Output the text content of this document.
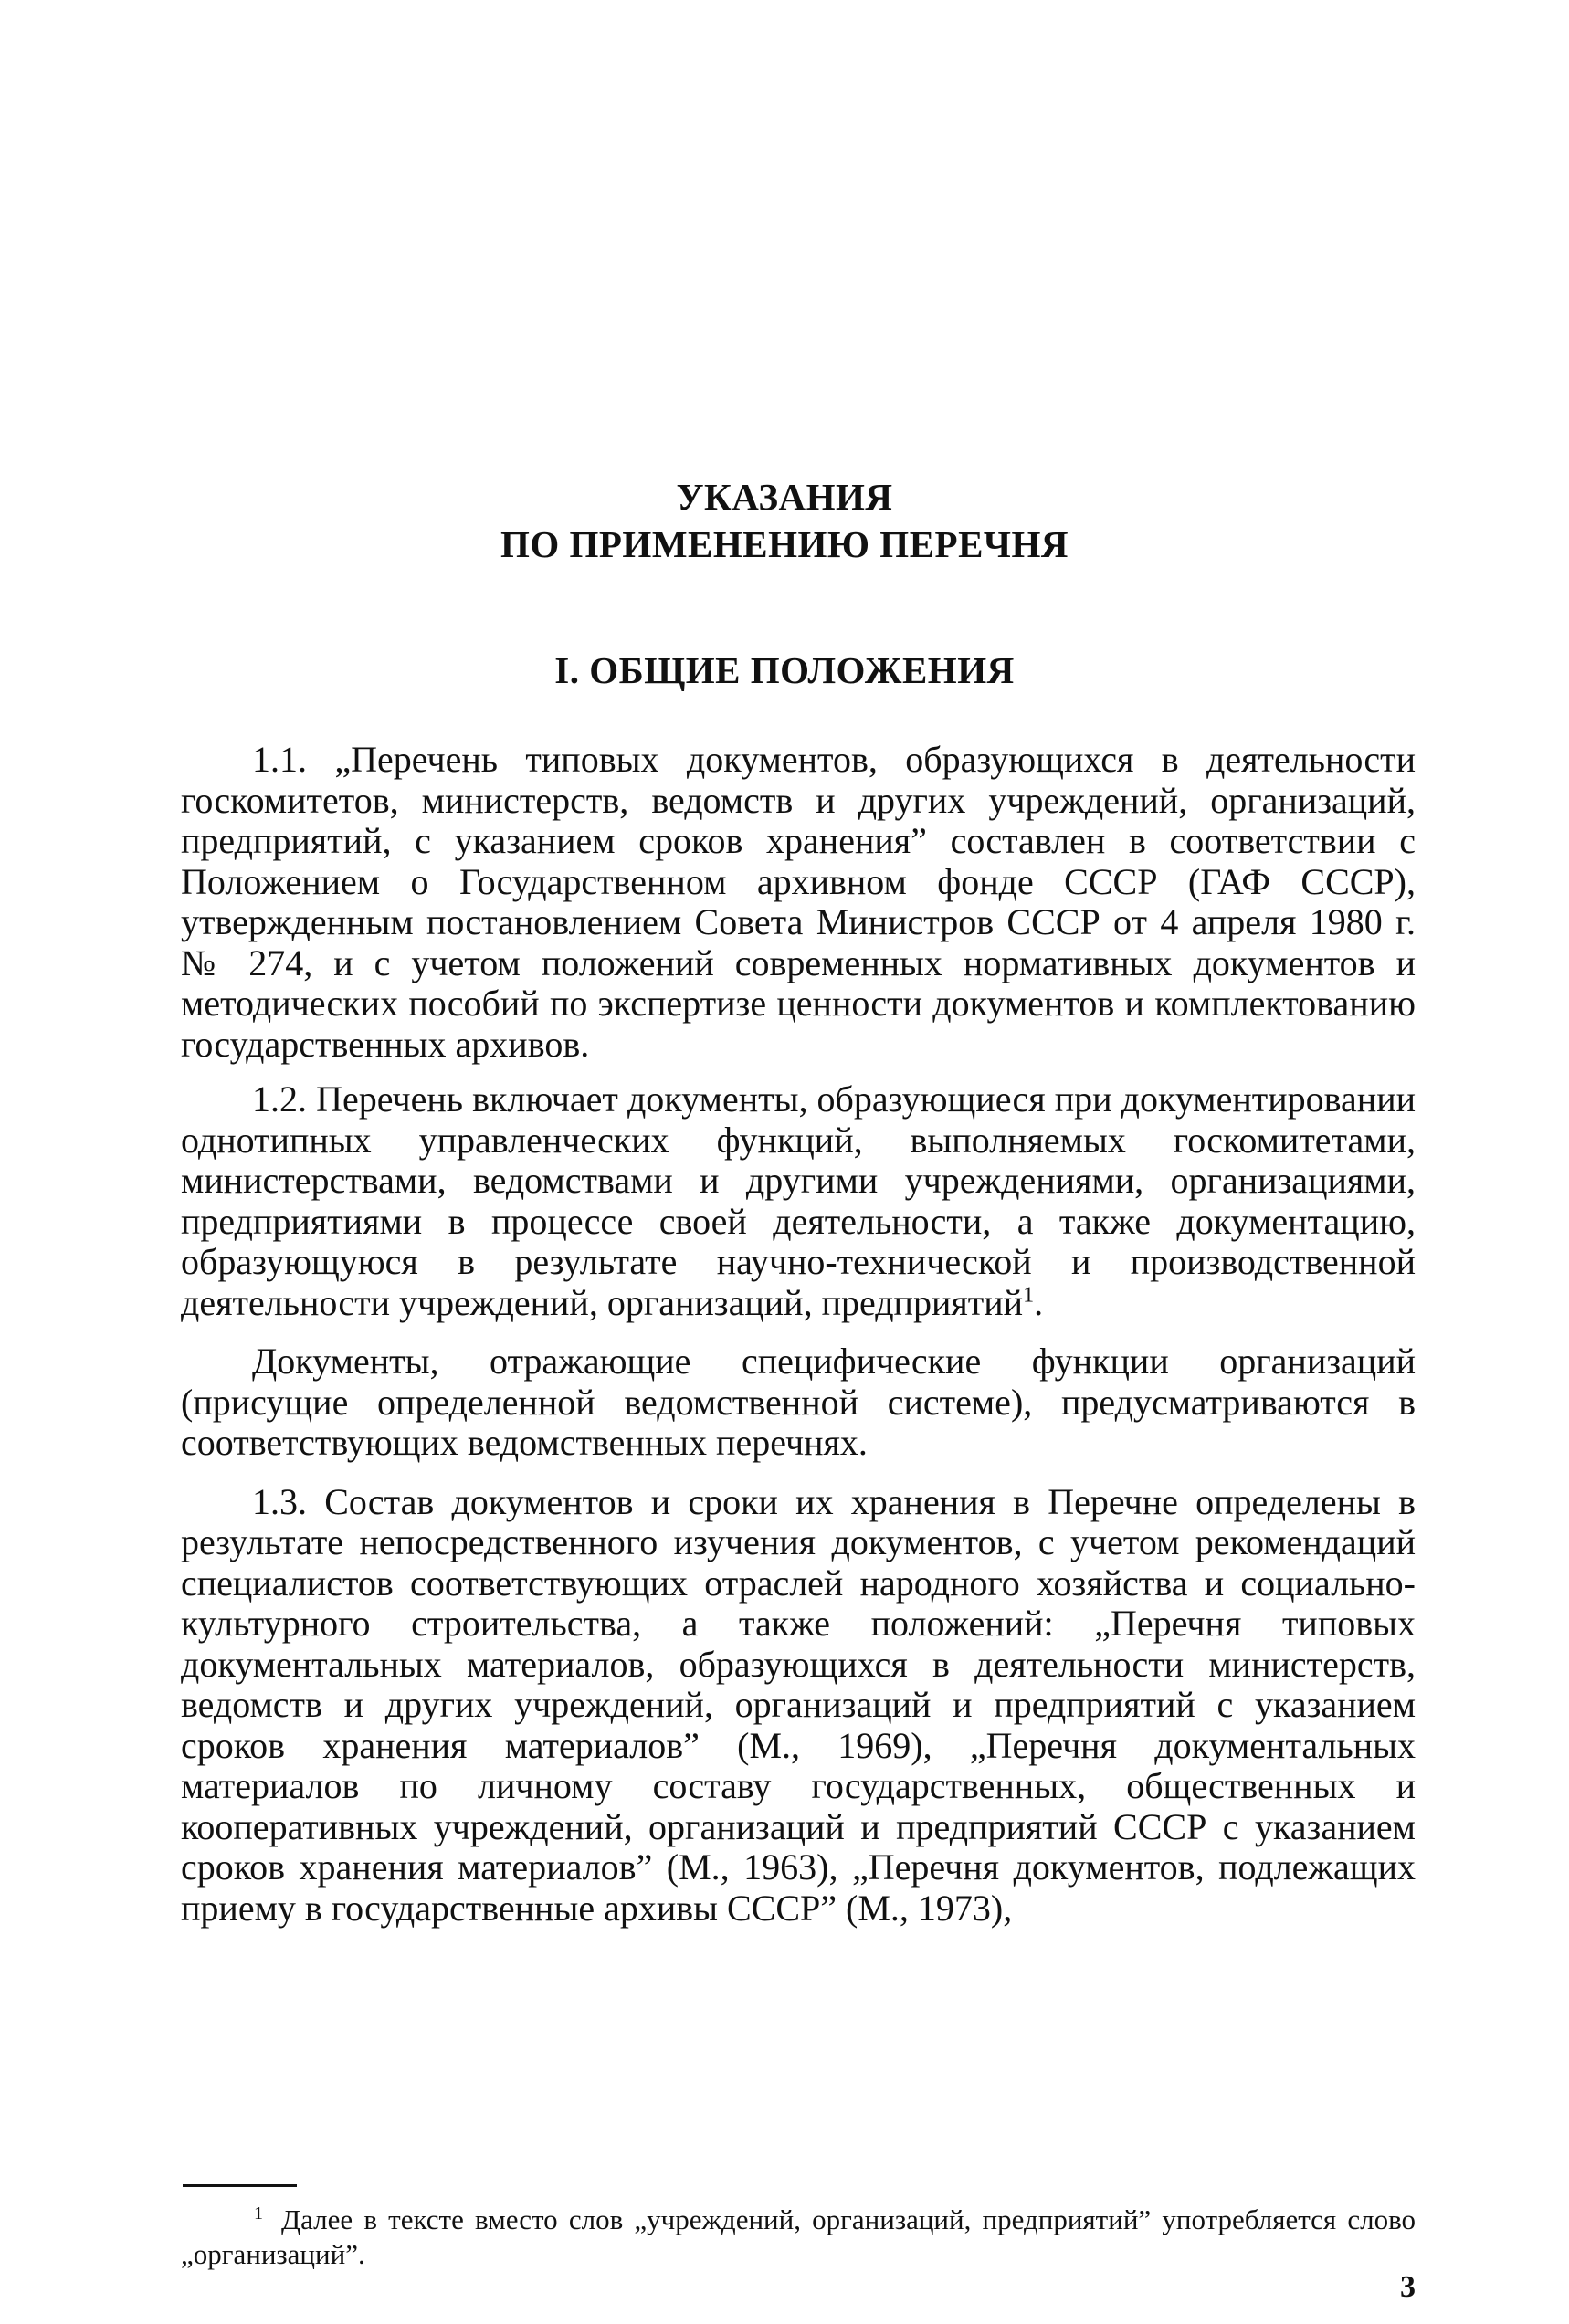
УКАЗАНИЯ
ПО ПРИМЕНЕНИЮ ПЕРЕЧНЯ
I. ОБЩИЕ ПОЛОЖЕНИЯ

1.1. „Перечень типовых документов, образующихся в деятельности госкомитетов, министерств, ведомств и других учреждений, организаций, предприятий, с указанием сроков хранения” составлен в соответствии с Положением о Государственном архивном фонде СССР (ГАФ СССР), утвержденным постановлением Совета Министров СССР от 4 апреля 1980 г. № 274, и с учетом положений современных нормативных документов и методических пособий по экспертизе ценности документов и комплектованию государственных архивов.

1.2. Перечень включает документы, образующиеся при документировании однотипных управленческих функций, выполняемых госкомитетами, министерствами, ведомствами и другими учреждениями, организациями, предприятиями в процессе своей деятельности, а также документацию, образующуюся в результате научно-технической и производственной деятельности учреждений, организаций, предприятий$^1$.

Документы, отражающие специфические функции организаций (присущие определенной ведомственной системе), предусматриваются в соответствующих ведомственных перечнях.

1.3. Состав документов и сроки их хранения в Перечне определены в результате непосредственного изучения документов, с учетом рекомендаций специалистов соответствующих отраслей народного хозяйства и социально-культурного строительства, а также положений: „Перечня типовых документальных материалов, образующихся в деятельности министерств, ведомств и других учреждений, организаций и предприятий с указанием сроков хранения материалов” (М., 1969), „Перечня документальных материалов по личному составу государственных, общественных и кооперативных учреждений, организаций и предприятий СССР с указанием сроков хранения материалов” (М., 1963), „Перечня документов, подлежащих приему в государственные архивы СССР” (М., 1973),

$^1$ Далее в тексте вместо слов „учреждений, организаций, предприятий” употребляется слово „организаций”.
3
